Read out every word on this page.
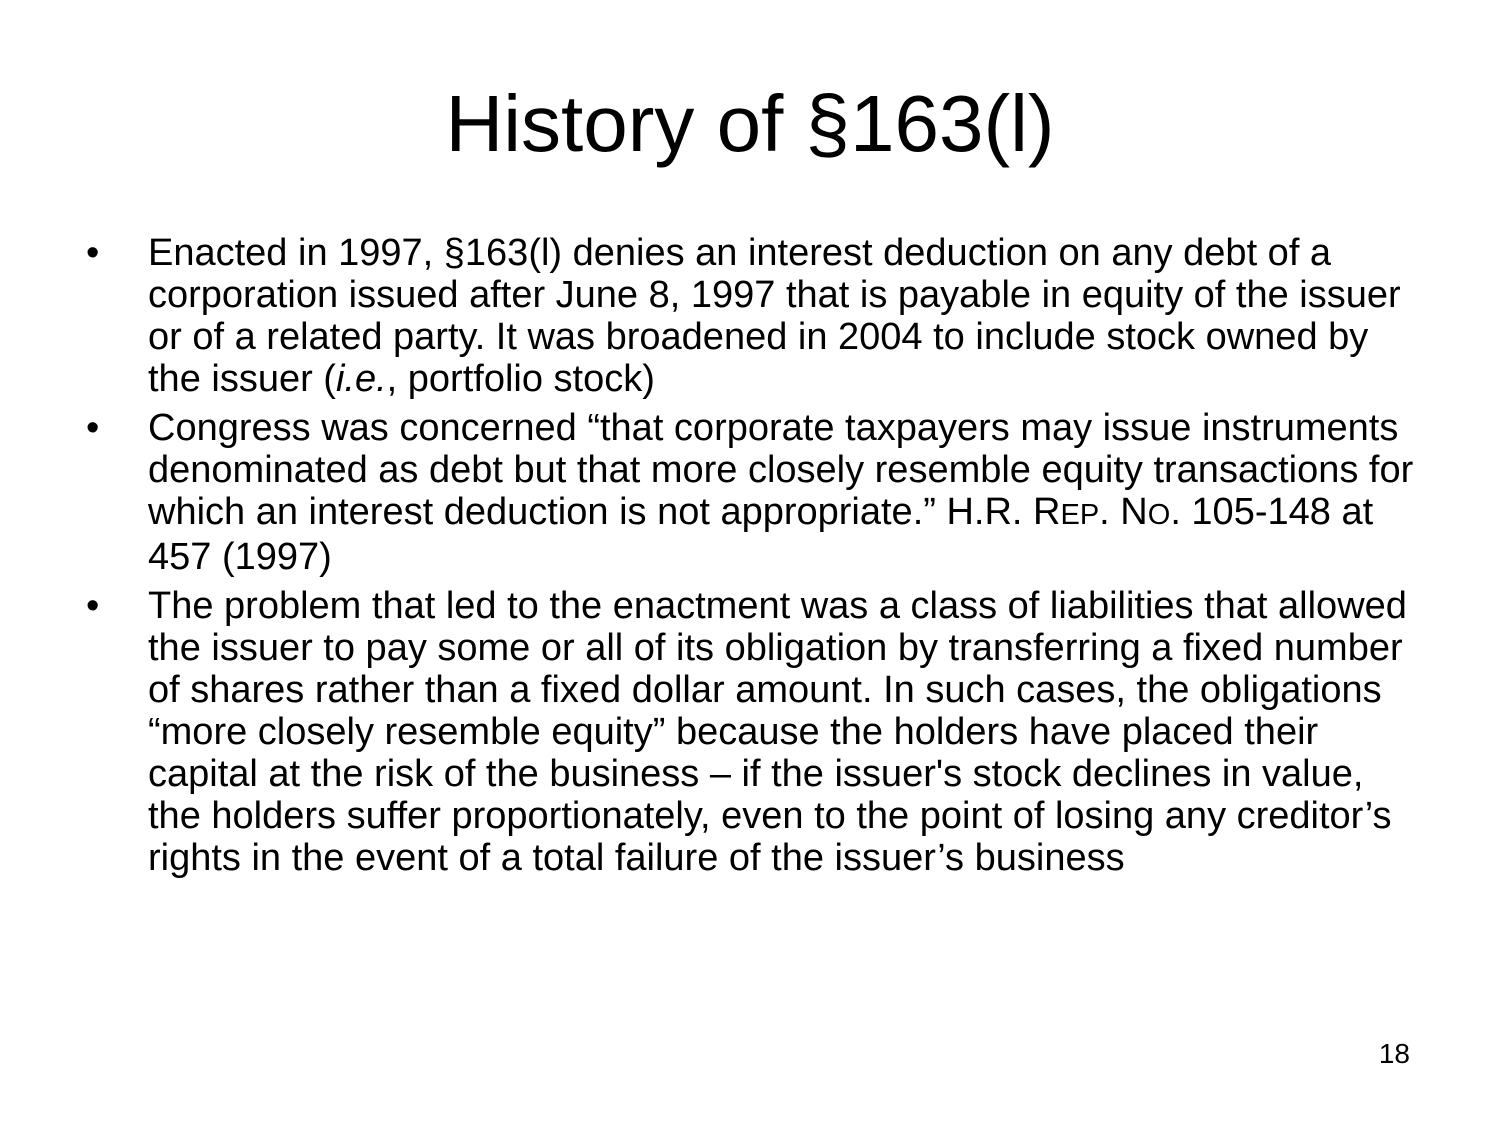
History of §163(l)
•	Enacted in 1997, §163(l) denies an interest deduction on any debt of a corporation issued after June 8, 1997 that is payable in equity of the issuer or of a related party. It was broadened in 2004 to include stock owned by the issuer (i.e., portfolio stock)
•	Congress was concerned “that corporate taxpayers may issue instruments denominated as debt but that more closely resemble equity transactions for which an interest deduction is not appropriate.” H.R. REP. NO. 105-148 at 457 (1997)
•	The problem that led to the enactment was a class of liabilities that allowed the issuer to pay some or all of its obligation by transferring a fixed number of shares rather than a fixed dollar amount. In such cases, the obligations “more closely resemble equity” because the holders have placed their capital at the risk of the business – if the issuer's stock declines in value, the holders suffer proportionately, even to the point of losing any creditor’s rights in the event of a total failure of the issuer’s business
18
